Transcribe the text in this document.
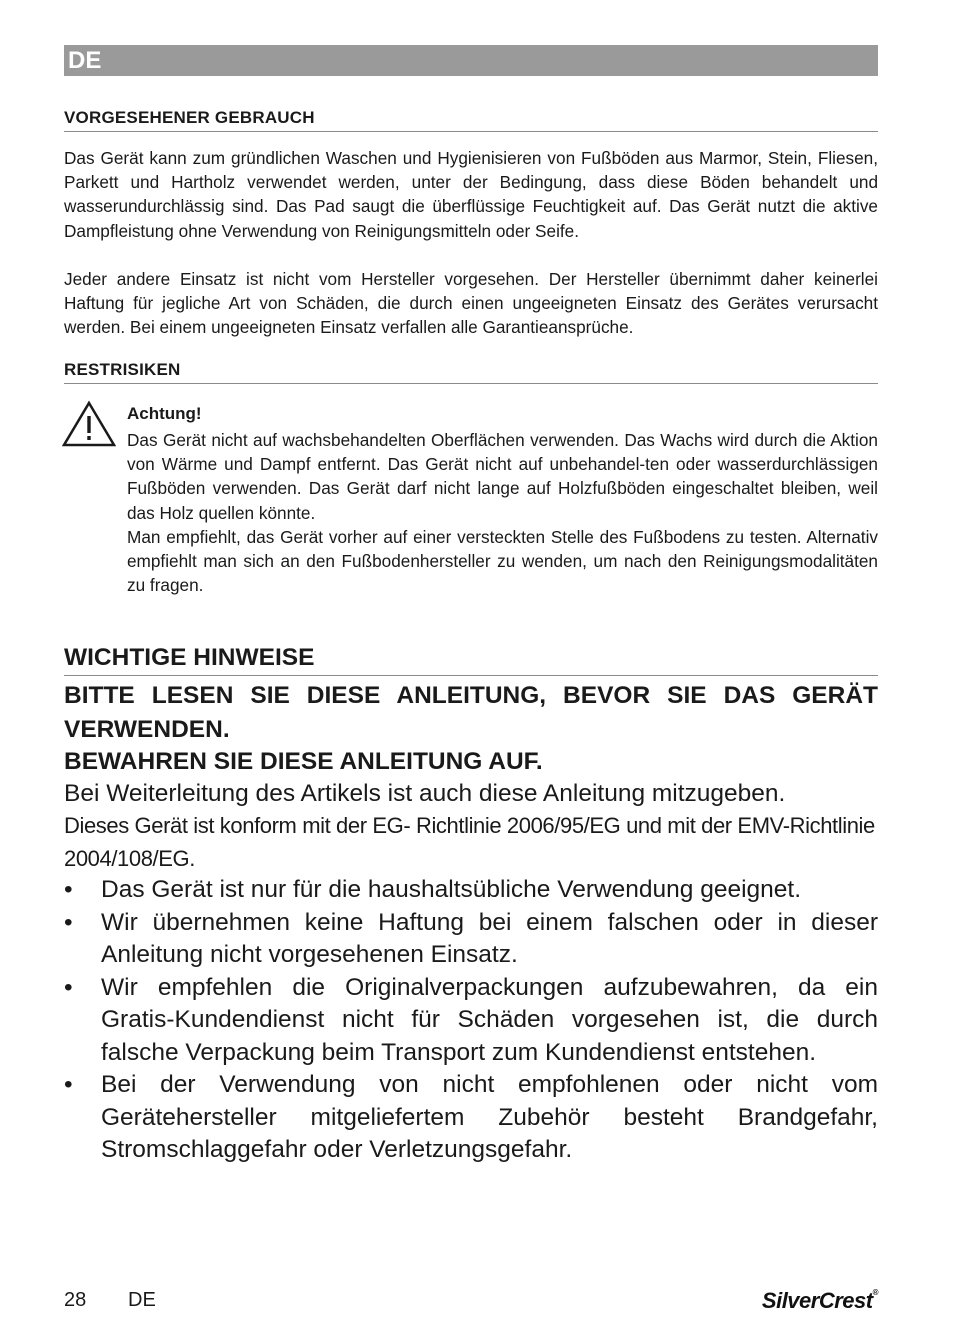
DE
VORGESEHENER GEBRAUCH

Das Gerät kann zum gründlichen Waschen und Hygienisieren von Fußböden aus Marmor, Stein, Fliesen, Parkett und Hartholz verwendet werden, unter der Bedingung, dass diese Böden behandelt und wasserundurchlässig sind. Das Pad saugt die überflüssige Feuchtigkeit auf. Das Gerät nutzt die aktive Dampfleistung ohne Verwendung von Reinigungsmitteln oder Seife.

Jeder andere Einsatz ist nicht vom Hersteller vorgesehen. Der Hersteller übernimmt daher keinerlei Haftung für jegliche Art von Schäden, die durch einen ungeeigneten Einsatz des Gerätes verursacht werden. Bei einem ungeeigneten Einsatz verfallen alle Garantieansprüche.

RESTRISIKEN
Achtung!

Das Gerät nicht auf wachsbehandelten Oberflächen verwenden. Das Wachs wird durch die Aktion von Wärme und Dampf entfernt. Das Gerät nicht auf unbehandel-ten oder wasserdurchlässigen Fußböden verwenden. Das Gerät darf nicht lange auf Holzfußböden eingeschaltet bleiben, weil das Holz quellen könnte.

Man empfiehlt, das Gerät vorher auf einer versteckten Stelle des Fußbodens zu testen. Alternativ empfiehlt man sich an den Fußbodenhersteller zu wenden, um nach den Reinigungsmodalitäten zu fragen.

WICHTIGE HINWEISE
BITTE LESEN SIE DIESE ANLEITUNG, BEVOR SIE DAS GERÄT VERWENDEN.
BEWAHREN SIE DIESE ANLEITUNG AUF.

Bei Weiterleitung des Artikels ist auch diese Anleitung mitzugeben.

Dieses Gerät ist konform mit der EG- Richtlinie 2006/95/EG und mit der EMV-Richtlinie 2004/108/EG.

• Das Gerät ist nur für die haushaltsübliche Verwendung geeignet.
• Wir übernehmen keine Haftung bei einem falschen oder in dieser Anleitung nicht vorgesehenen Einsatz.
• Wir empfehlen die Originalverpackungen aufzubewahren, da ein Gratis-Kundendienst nicht für Schäden vorgesehen ist, die durch falsche Verpackung beim Transport zum Kundendienst entstehen.
• Bei der Verwendung von nicht empfohlenen oder nicht vom Gerätehersteller mitgeliefertem Zubehör besteht Brandgefahr, Stromschlaggefahr oder Verletzungsgefahr.
28 DE	SilverCrest®
